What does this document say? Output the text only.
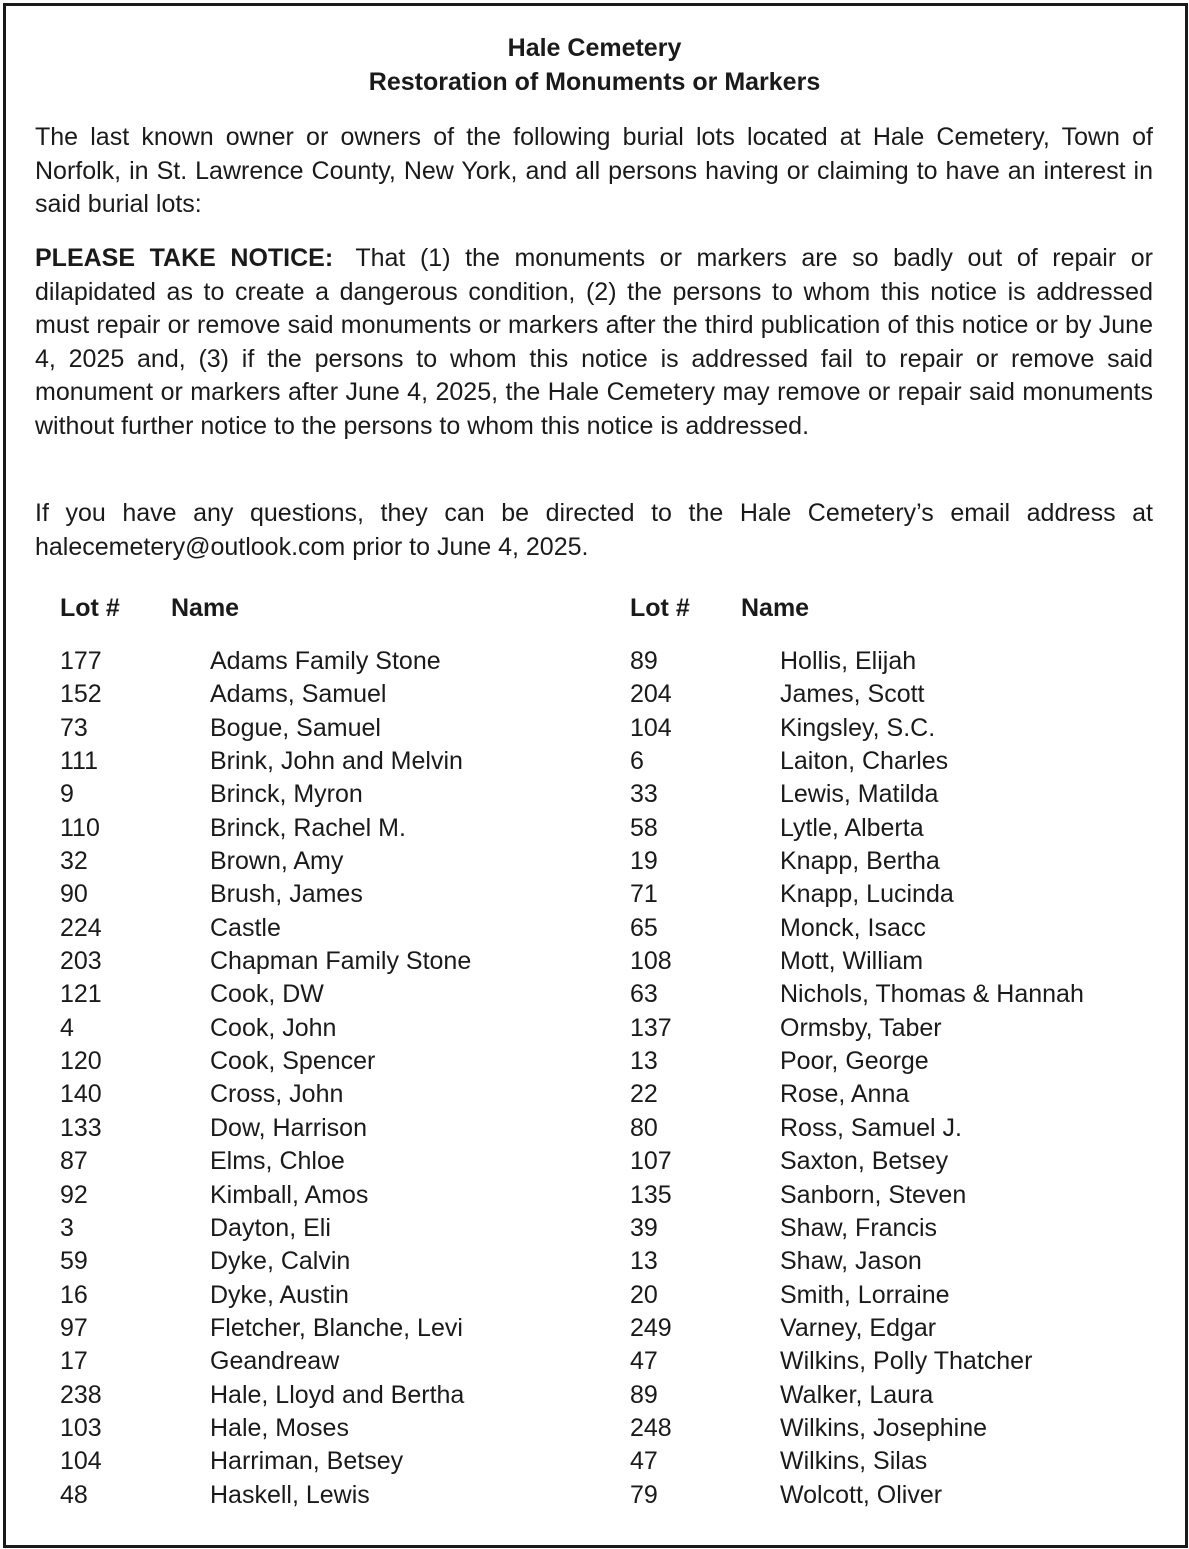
Hale Cemetery
Restoration of Monuments or Markers

The last known owner or owners of the following burial lots located at Hale Cemetery, Town of Norfolk, in St. Lawrence County, New York, and all persons having or claiming to have an interest in said burial lots:

PLEASE TAKE NOTICE: That (1) the monuments or markers are so badly out of repair or dilapidated as to create a dangerous condition, (2) the persons to whom this notice is addressed must repair or remove said monuments or markers after the third publication of this notice or by June 4, 2025 and, (3) if the persons to whom this notice is addressed fail to repair or remove said monument or markers after June 4, 2025, the Hale Cemetery may remove or repair said monuments without further notice to the persons to whom this notice is addressed.

If you have any questions, they can be directed to the Hale Cemetery’s email address at halecemetery@outlook.com prior to June 4, 2025.

Lot # Name	Lot # Name
177	Adams Family Stone
152	Adams, Samuel
73	Bogue, Samuel
111	Brink, John and Melvin
9	Brinck, Myron
110	Brinck, Rachel M.
32	Brown, Amy
90	Brush, James
224	Castle
203	Chapman Family Stone
121	Cook, DW
4	Cook, John
120	Cook, Spencer
140	Cross, John
133	Dow, Harrison
87	Elms, Chloe
92	Kimball, Amos
3	Dayton, Eli
59	Dyke, Calvin
16	Dyke, Austin
97	Fletcher, Blanche, Levi
17	Geandreaw
238	Hale, Lloyd and Bertha
103	Hale, Moses
104	Harriman, Betsey
48	Haskell, Lewis
89	Hollis, Elijah
204	James, Scott
104	Kingsley, S.C.
6	Laiton, Charles
33	Lewis, Matilda
58	Lytle, Alberta
19	Knapp, Bertha
71	Knapp, Lucinda
65	Monck, Isacc
108	Mott, William
63	Nichols, Thomas & Hannah
137	Ormsby, Taber
13	Poor, George
22	Rose, Anna
80	Ross, Samuel J.
107	Saxton, Betsey
135	Sanborn, Steven
39	Shaw, Francis
13	Shaw, Jason
20	Smith, Lorraine
249	Varney, Edgar
47	Wilkins, Polly Thatcher
89	Walker, Laura
248	Wilkins, Josephine
47	Wilkins, Silas
79	Wolcott, Oliver
